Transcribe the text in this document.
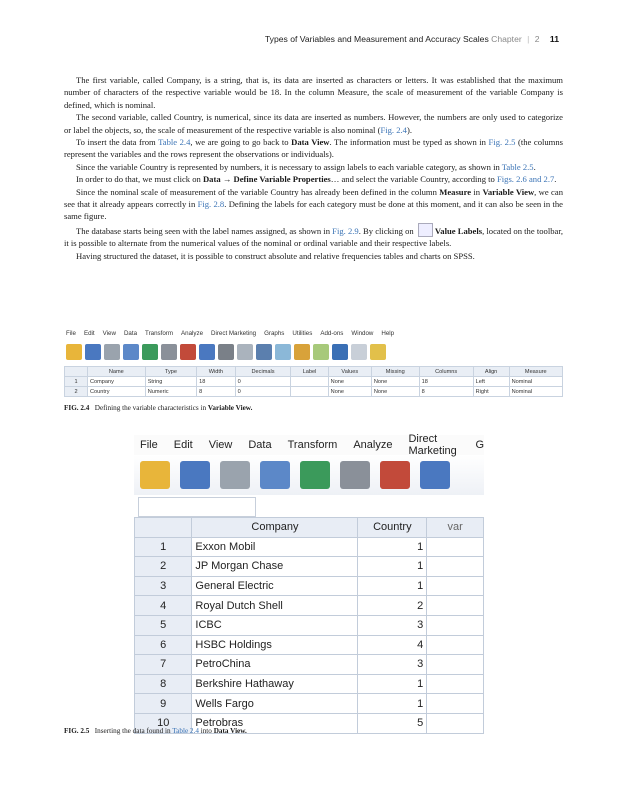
Types of Variables and Measurement and Accuracy Scales Chapter | 2 11

The first variable, called Company, is a string, that is, its data are inserted as characters or letters. It was established that the maximum number of characters of the respective variable would be 18. In the column Measure, the scale of measurement of the variable Company is defined, which is nominal.

The second variable, called Country, is numerical, since its data are inserted as numbers. However, the numbers are only used to categorize or label the objects, so, the scale of measurement of the respective variable is also nominal (Fig. 2.4).

To insert the data from Table 2.4, we are going to go back to Data View. The information must be typed as shown in Fig. 2.5 (the columns represent the variables and the rows represent the observations or individuals).

Since the variable Country is represented by numbers, it is necessary to assign labels to each variable category, as shown in Table 2.5.

In order to do that, we must click on Data → Define Variable Properties… and select the variable Country, according to Figs. 2.6 and 2.7.

Since the nominal scale of measurement of the variable Country has already been defined in the column Measure in Variable View, we can see that it already appears correctly in Fig. 2.8. Defining the labels for each category must be done at this moment, and it can also be seen in the same figure.

The database starts being seen with the label names assigned, as shown in Fig. 2.9. By clicking on Value Labels, located on the toolbar, it is possible to alternate from the numerical values of the nominal or ordinal variable and their respective labels.

Having structured the dataset, it is possible to construct absolute and relative frequencies tables and charts on SPSS.

File Edit View Data Transform Analyze Direct Marketing Graphs Utilities Add-ons Window Help
	Name	Type	Width	Decimals	Label	Values	Missing	Columns	Align	Measure
1	Company	String	18	0		None	None	18	Left	Nominal
2	Country	Numeric	8	0		None	None	8	Right	Nominal
FIG. 2.4 Defining the variable characteristics in Variable View.
File Edit View Data Transform Analyze Direct Marketing G
	Company	Country	var
1	Exxon Mobil	1	
2	JP Morgan Chase	1	
3	General Electric	1	
4	Royal Dutch Shell	2	
5	ICBC	3	
6	HSBC Holdings	4	
7	PetroChina	3	
8	Berkshire Hathaway	1	
9	Wells Fargo	1	
10	Petrobras	5	
FIG. 2.5 Inserting the data found in Table 2.4 into Data View.
